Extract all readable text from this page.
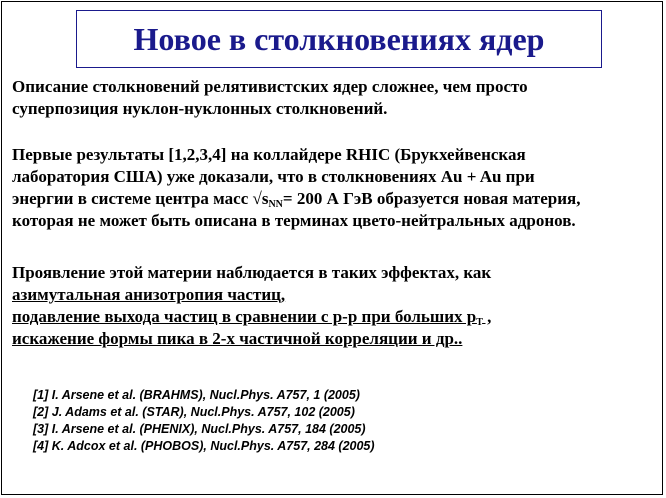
Новое в столкновениях ядер
Описание столкновений релятивистских ядер сложнее, чем просто
суперпозиция нуклон-нуклонных столкновений.
Первые результаты [1,2,3,4] на коллайдере RHIC (Брукхейвенская
лаборатория США) уже доказали, что в столкновениях Au + Au при
энергии в системе центра масс $√s_{NN}= 200$ А ГэВ образуется новая материя,
которая не может быть описана в терминах цвето-нейтральных адронов.
Проявление этой материи наблюдается в таких эффектах, как
азимутальная анизотропия частиц,
подавление выхода частиц в сравнении с р-р при больших $р_T$ ,
искажение формы пика в 2-х частичной корреляции и др..
[1] I. Arsene et al. (BRAHMS), Nucl.Phys. A757, 1 (2005)
[2] J. Adams et al. (STAR), Nucl.Phys. A757, 102 (2005)
[3] I. Arsene et al. (PHENIX), Nucl.Phys. A757, 184 (2005)
[4] K. Adcox et al. (PHOBOS), Nucl.Phys. A757, 284 (2005)
